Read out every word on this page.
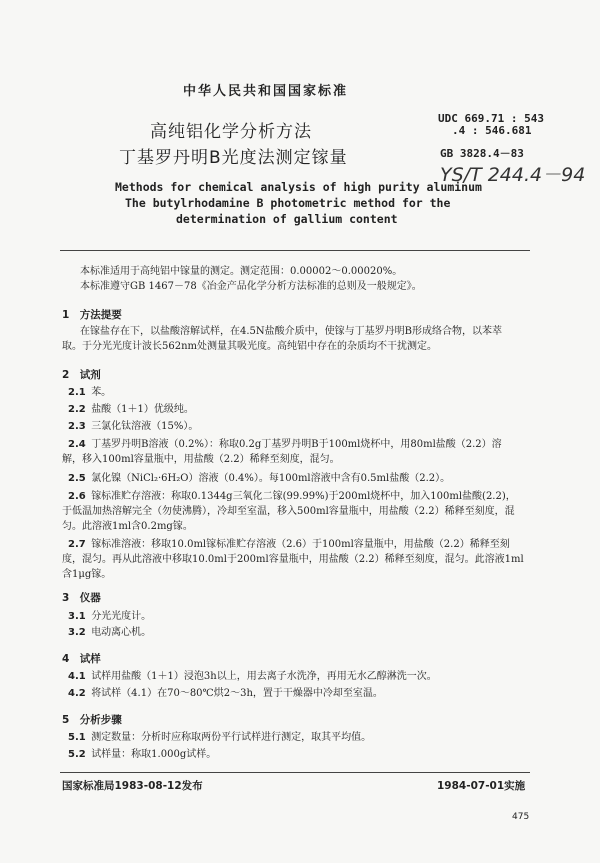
中华人民共和国国家标准
UDC 669.71 : 543
.4 : 546.681
GB 3828.4－83
YS/T 244.4－94
高纯铝化学分析方法
丁基罗丹明B光度法测定镓量
Methods for chemical analysis of high purity aluminum
The butylrhodamine B photometric method for the
determination of gallium content
本标准适用于高纯铝中镓量的测定。测定范围：0.00002～0.00020%。
本标准遵守GB 1467－78《冶金产品化学分析方法标准的总则及一般规定》。
1　方法提要
在镓盐存在下，以盐酸溶解试样，在4.5N盐酸介质中，使镓与丁基罗丹明B形成络合物，以苯萃
取。于分光光度计波长562nm处测量其吸光度。高纯铝中存在的杂质均不干扰测定。
2　试剂
2.1 苯。
2.2 盐酸（1＋1）优级纯。
2.3 三氯化钛溶液（15%）。
2.4 丁基罗丹明B溶液（0.2%）：称取0.2g丁基罗丹明B于100ml烧杯中，用80ml盐酸（2.2）溶
解，移入100ml容量瓶中，用盐酸（2.2）稀释至刻度，混匀。
2.5 氯化镍（NiCl₂·6H₂O）溶液（0.4%）。每100ml溶液中含有0.5ml盐酸（2.2）。
2.6 镓标准贮存溶液：称取0.1344g三氧化二镓(99.99%)于200ml烧杯中，加入100ml盐酸(2.2)，
于低温加热溶解完全（勿使沸腾），冷却至室温，移入500ml容量瓶中，用盐酸（2.2）稀释至刻度，混
匀。此溶液1ml含0.2mg镓。
2.7 镓标准溶液：移取10.0ml镓标准贮存溶液（2.6）于100ml容量瓶中，用盐酸（2.2）稀释至刻
度，混匀。再从此溶液中移取10.0ml于200ml容量瓶中，用盐酸（2.2）稀释至刻度，混匀。此溶液1ml
含1μg镓。
3　仪器
3.1 分光光度计。
3.2 电动离心机。
4　试样
4.1 试样用盐酸（1＋1）浸泡3h以上，用去离子水洗净，再用无水乙醇淋洗一次。
4.2 将试样（4.1）在70～80℃烘2～3h，置于干燥器中冷却至室温。
5　分析步骤
5.1 测定数量：分析时应称取两份平行试样进行测定，取其平均值。
5.2 试样量：称取1.000g试样。
国家标准局1983-08-12发布	1984-07-01实施
475
